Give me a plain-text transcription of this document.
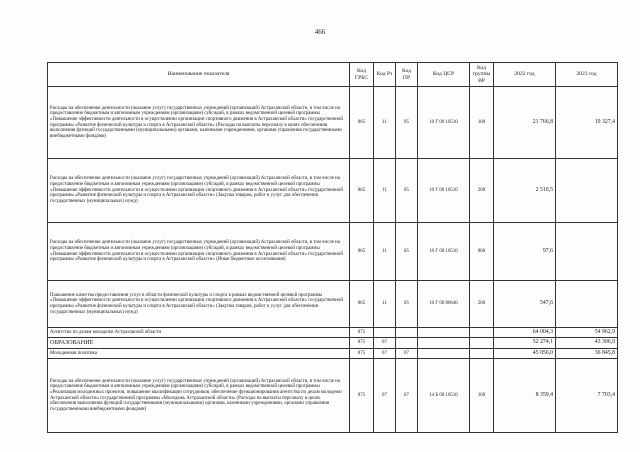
466
Наименование показателя	Код ГРБС	Код Рз	Код ПР	Код ЦСР	Код группы ВР	2022 год	2023 год
Расходы на обеспечение деятельности (оказание услуг) государственных учреждений (организаций) Астраханской области, в том числе на предоставление бюджетным и автономным учреждениям (организациям) субсидий, в рамках ведомственной целевой программы «Повышение эффективности деятельности в осуществлении организации спортивного движения в Астраханской области» государственной программы «Развитие физической культуры и спорта в Астраханской области» (Расходы на выплаты персоналу в целях обеспечения выполнения функций государственными (муниципальными) органами, казенными учреждениями, органами управления государственными внебюджетными фондами)	865	11	05	10 Г 00 10510	100	21 766,8	19 327,4
Расходы на обеспечение деятельности (оказание услуг) государственных учреждений (организаций) Астраханской области, в том числе на предоставление бюджетным и автономным учреждениям (организациям) субсидий, в рамках ведомственной целевой программы «Повышение эффективности деятельности в осуществлении организации спортивного движения в Астраханской области» государственной программы «Развитие физической культуры и спорта в Астраханской области» (Закупка товаров, работ и услуг для обеспечения государственных (муниципальных) нужд)	865	11	05	10 Г 00 10510	200	2 510,5	
Расходы на обеспечение деятельности (оказание услуг) государственных учреждений (организаций) Астраханской области, в том числе на предоставление бюджетным и автономным учреждениям (организациям) субсидий, в рамках ведомственной целевой программы «Повышение эффективности деятельности в осуществлении организации спортивного движения в Астраханской области» государственной программы «Развитие физической культуры и спорта в Астраханской области» (Иные бюджетные ассигнования)	865	11	05	10 Г 00 10510	800	97,6	
Повышение качества предоставления услуг в области физической культуры и спорта в рамках ведомственной целевой программы «Повышение эффективности деятельности в осуществлении организации спортивного движения в Астраханской области» государственной программы «Развитие физической культуры и спорта в Астраханской области» (Закупка товаров, работ и услуг для обеспечения государственных (муниципальных) нужд)	865	11	05	10 Г 00 80640	200	547,6	
Агентство по делам молодежи Астраханской области	875					64 004,3	54 962,9
ОБРАЗОВАНИЕ	875	07				52 274,1	43 306,9
Молодежная политика	875	07	07			45 056,0	36 845,8
Расходы на обеспечение деятельности (оказание услуг) государственных учреждений (организаций) Астраханской области, в том числе на предоставление бюджетным и автономным учреждениям (организациям) субсидий, в рамках ведомственной целевой программы «Реализация молодежных проектов, повышение квалификации сотрудников, обеспечение функционирования агентства по делам молодежи Астраханской области» государственной программы «Молодежь Астраханской области» (Расходы на выплаты персоналу в целях обеспечения выполнения функций государственными (муниципальными) органами, казенными учреждениями, органами управления государственными внебюджетными фондами)	875	07	07	14 Б 00 10510	100	8 359,4	7 703,4
